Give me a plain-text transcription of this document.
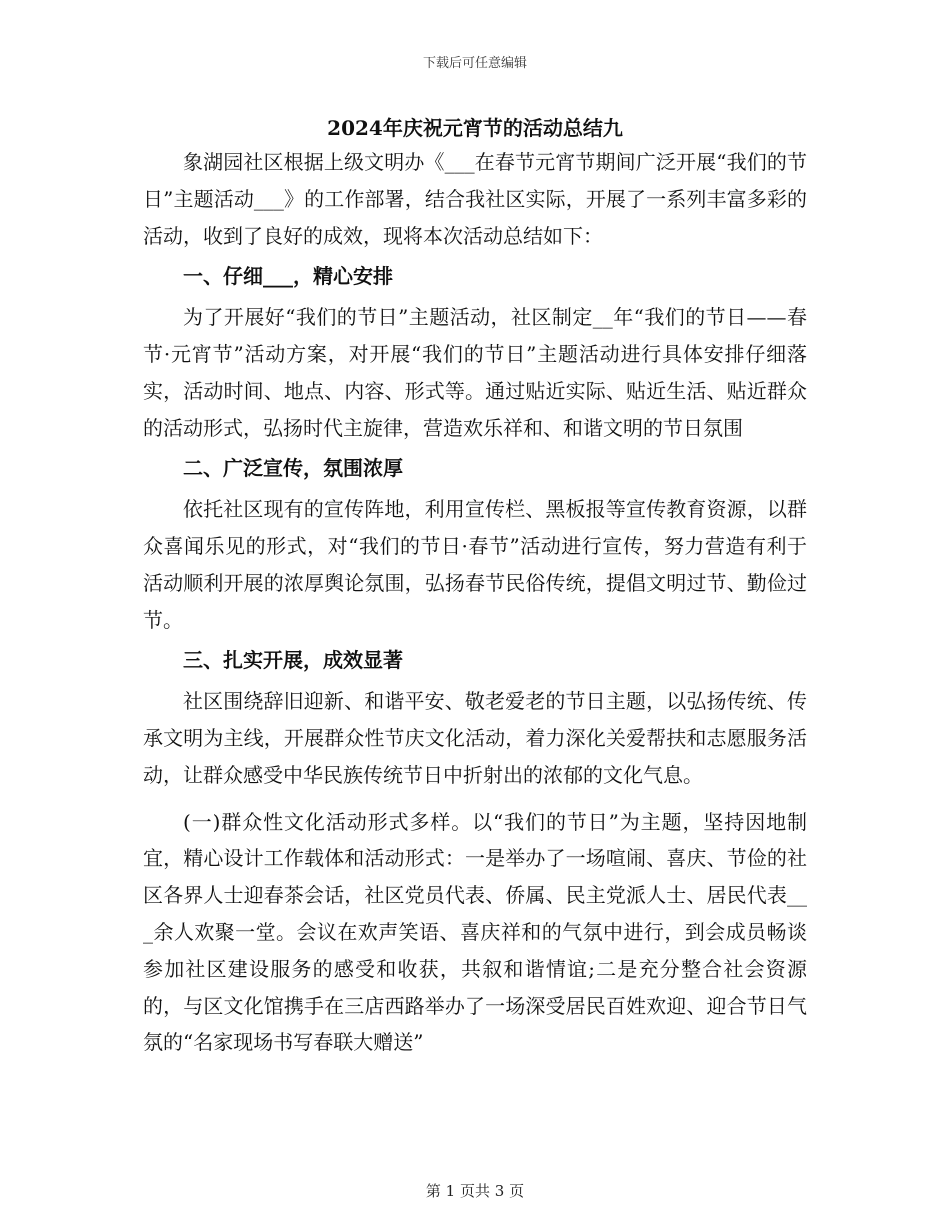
下载后可任意编辑
2024年庆祝元宵节的活动总结九

象湖园社区根据上级文明办《___在春节元宵节期间广泛开展“我们的节日”主题活动___》的工作部署，结合我社区实际，开展了一系列丰富多彩的活动，收到了良好的成效，现将本次活动总结如下：

一、仔细___，精心安排

为了开展好“我们的节日”主题活动，社区制定__年“我们的节日——春节·元宵节”活动方案，对开展“我们的节日”主题活动进行具体安排仔细落实，活动时间、地点、内容、形式等。通过贴近实际、贴近生活、贴近群众的活动形式，弘扬时代主旋律，营造欢乐祥和、和谐文明的节日氛围

二、广泛宣传，氛围浓厚

依托社区现有的宣传阵地，利用宣传栏、黑板报等宣传教育资源，以群众喜闻乐见的形式，对“我们的节日·春节”活动进行宣传，努力营造有利于活动顺利开展的浓厚舆论氛围，弘扬春节民俗传统，提倡文明过节、勤俭过节。

三、扎实开展，成效显著

社区围绕辞旧迎新、和谐平安、敬老爱老的节日主题，以弘扬传统、传承文明为主线，开展群众性节庆文化活动，着力深化关爱帮扶和志愿服务活动，让群众感受中华民族传统节日中折射出的浓郁的文化气息。

(一)群众性文化活动形式多样。以“我们的节日”为主题，坚持因地制宜，精心设计工作载体和活动形式：一是举办了一场喧闹、喜庆、节俭的社区各界人士迎春茶会话，社区党员代表、侨属、民主党派人士、居民代表___余人欢聚一堂。会议在欢声笑语、喜庆祥和的气氛中进行，到会成员畅谈参加社区建设服务的感受和收获，共叙和谐情谊;二是充分整合社会资源的，与区文化馆携手在三店西路举办了一场深受居民百姓欢迎、迎合节日气氛的“名家现场书写春联大赠送”

第 1 页共 3 页
